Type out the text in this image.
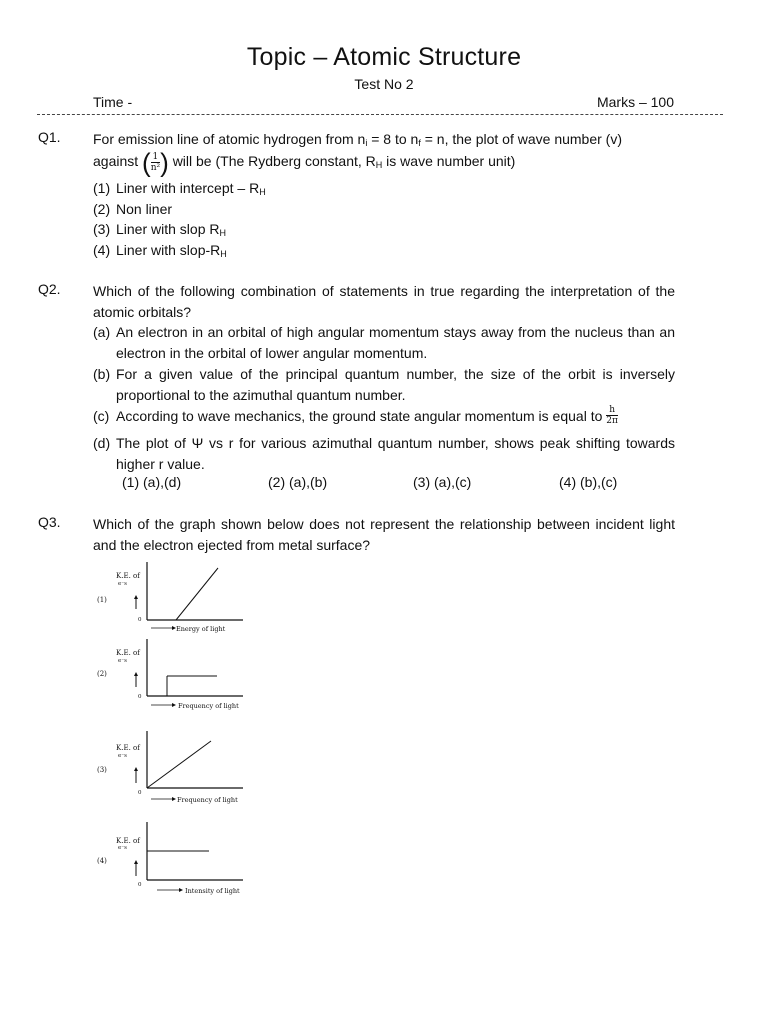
Topic – Atomic Structure
Test No 2
Time -	Marks – 100
Q1. For emission line of atomic hydrogen from $n_i = 8$ to $n_f = n$, the plot of wave number (v)
against ( $\frac{1}{\text{n²}}$ ) will be (The Rydberg constant, $R_H$ is wave number unit)
(1) Liner with intercept – $R_H$
(2) Non liner
(3) Liner with slop $R_H$
(4) Liner with slop-$R_H$
Q2. Which of the following combination of statements in true regarding the interpretation of the atomic orbitals?
(a) An electron in an orbital of high angular momentum stays away from the nucleus than an electron in the orbital of lower angular momentum.
(b) For a given value of the principal quantum number, the size of the orbit is inversely proportional to the azimuthal quantum number.
(c) According to wave mechanics, the ground state angular momentum is equal to $\frac{h}{2\pi}$
(d) The plot of Ψ vs r for various azimuthal quantum number, shows peak shifting towards higher r value.
(1) (a),(d)	(2) (a),(b)	(3) (a),(c)	(4) (b),(c)
Q3. Which of the graph shown below does not represent the relationship between incident light and the electron ejected from metal surface?
K.E. of
e⁻s
(1)
0
Energy of light
K.E. of
e⁻s
(2)
0
Frequency of light
K.E. of
e⁻s
(3)
0
Frequency of light
K.E. of
e⁻s
(4)
0
Intensity of light
